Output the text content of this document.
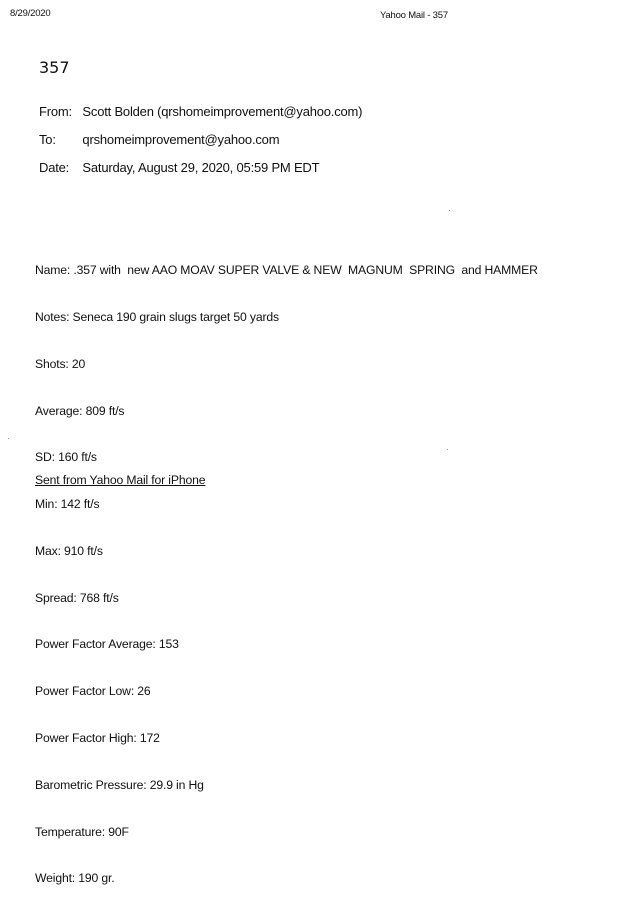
8/29/2020	Yahoo Mail - 357
357
From: Scott Bolden (qrshomeimprovement@yahoo.com)
To: qrshomeimprovement@yahoo.com
Date: Saturday, August 29, 2020, 05:59 PM EDT

Name: .357 with  new AAO MOAV SUPER VALVE & NEW  MAGNUM  SPRING  and HAMMER

Notes: Seneca 190 grain slugs target 50 yards

Shots: 20

Average: 809 ft/s

SD: 160 ft/s

Min: 142 ft/s

Max: 910 ft/s

Spread: 768 ft/s

Power Factor Average: 153

Power Factor Low: 26

Power Factor High: 172

Barometric Pressure: 29.9 in Hg

Temperature: 90F

Weight: 190 gr.

Sent from Yahoo Mail for iPhone
